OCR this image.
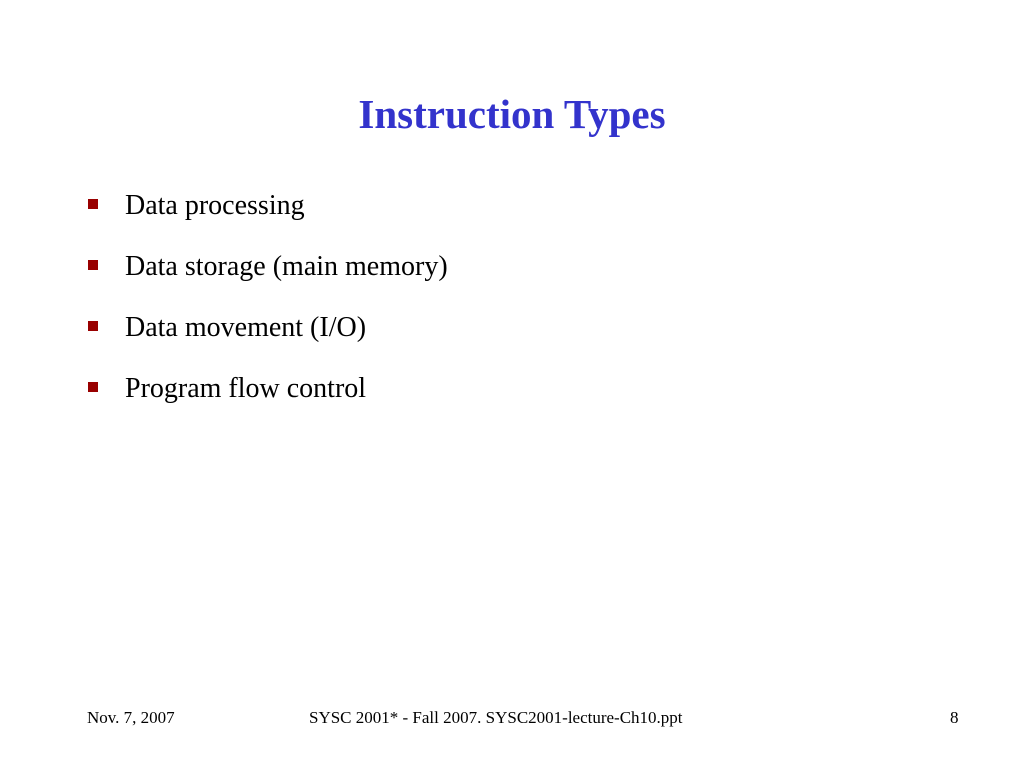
Instruction Types
Data processing
Data storage (main memory)
Data movement (I/O)
Program flow control
Nov. 7, 2007	SYSC 2001* - Fall 2007. SYSC2001-lecture-Ch10.ppt	8
